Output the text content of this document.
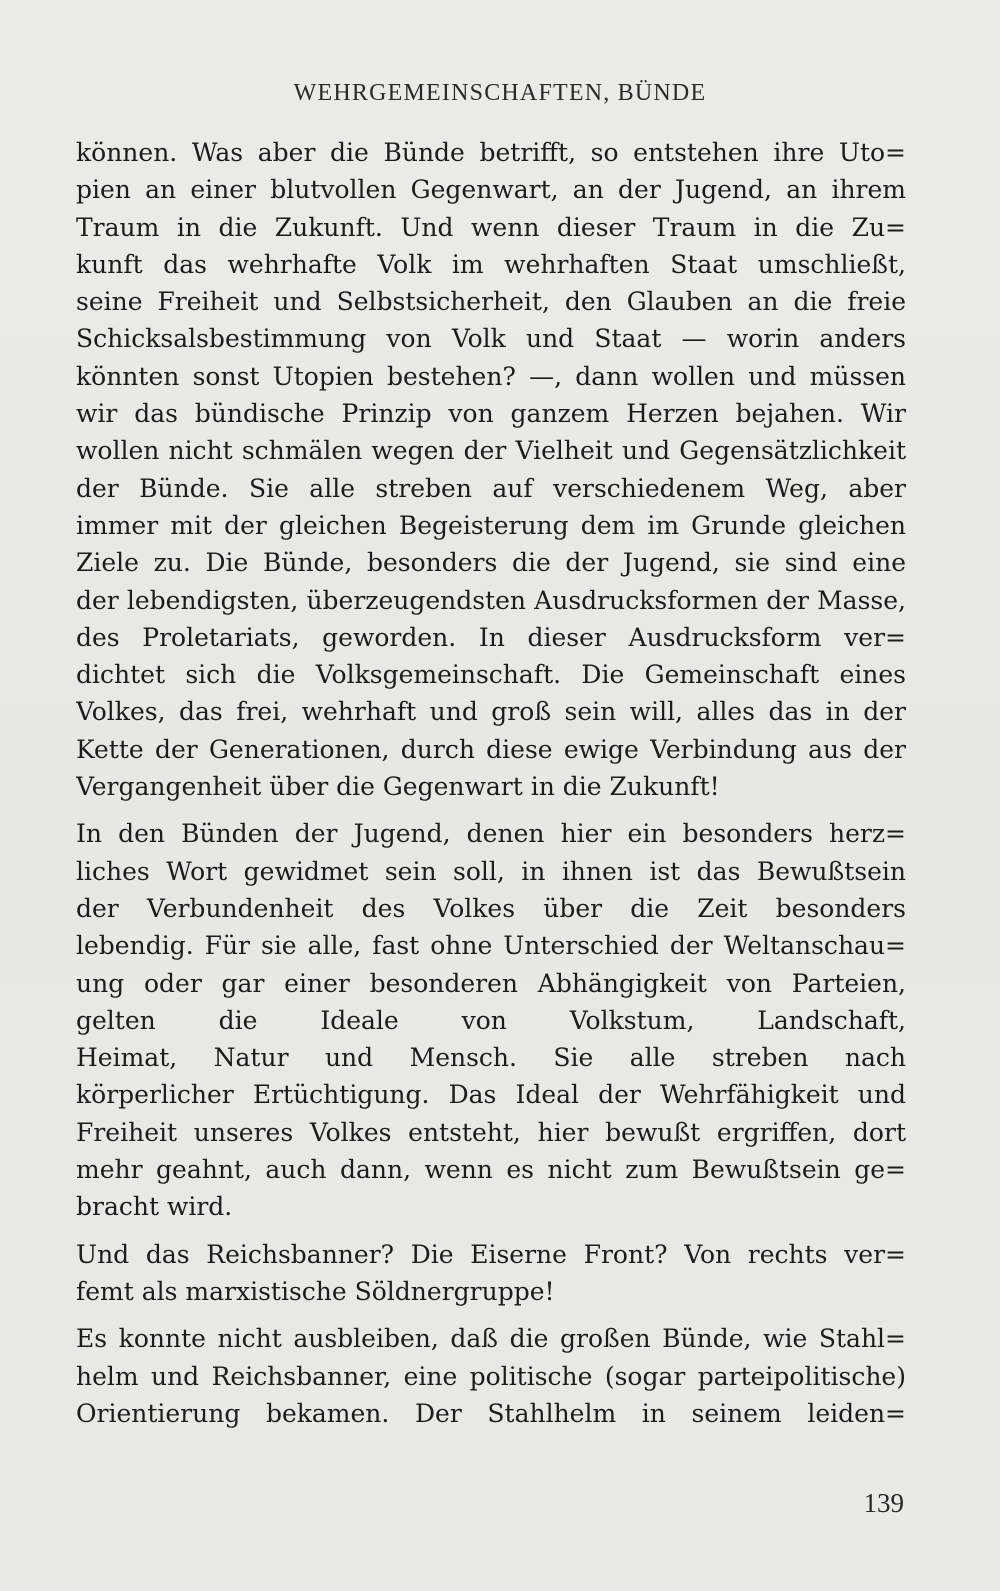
WEHRGEMEINSCHAFTEN, BÜNDE
können. Was aber die Bünde betrifft, so entstehen ihre Uto=
pien an einer blutvollen Gegenwart, an der Jugend, an ihrem
Traum in die Zukunft. Und wenn dieser Traum in die Zu=
kunft das wehrhafte Volk im wehrhaften Staat umschließt,
seine Freiheit und Selbstsicherheit, den Glauben an die freie
Schicksalsbestimmung von Volk und Staat — worin anders
könnten sonst Utopien bestehen? —, dann wollen und müssen
wir das bündische Prinzip von ganzem Herzen bejahen. Wir
wollen nicht schmälen wegen der Vielheit und Gegensätzlichkeit
der Bünde. Sie alle streben auf verschiedenem Weg, aber
immer mit der gleichen Begeisterung dem im Grunde gleichen
Ziele zu. Die Bünde, besonders die der Jugend, sie sind eine
der lebendigsten, überzeugendsten Ausdrucksformen der Masse,
des Proletariats, geworden. In dieser Ausdrucksform ver=
dichtet sich die Volksgemeinschaft. Die Gemeinschaft eines
Volkes, das frei, wehrhaft und groß sein will, alles das in der
Kette der Generationen, durch diese ewige Verbindung aus der
Vergangenheit über die Gegenwart in die Zukunft!
In den Bünden der Jugend, denen hier ein besonders herz=
liches Wort gewidmet sein soll, in ihnen ist das Bewußtsein
der Verbundenheit des Volkes über die Zeit besonders
lebendig. Für sie alle, fast ohne Unterschied der Weltanschau=
ung oder gar einer besonderen Abhängigkeit von Parteien,
gelten die Ideale von Volkstum, Landschaft,
Heimat, Natur und Mensch. Sie alle streben nach
körperlicher Ertüchtigung. Das Ideal der Wehrfähigkeit und
Freiheit unseres Volkes entsteht, hier bewußt ergriffen, dort
mehr geahnt, auch dann, wenn es nicht zum Bewußtsein ge=
bracht wird.
Und das Reichsbanner? Die Eiserne Front? Von rechts ver=
femt als marxistische Söldnergruppe!
Es konnte nicht ausbleiben, daß die großen Bünde, wie Stahl=
helm und Reichsbanner, eine politische (sogar parteipolitische)
Orientierung bekamen. Der Stahlhelm in seinem leiden=
139
